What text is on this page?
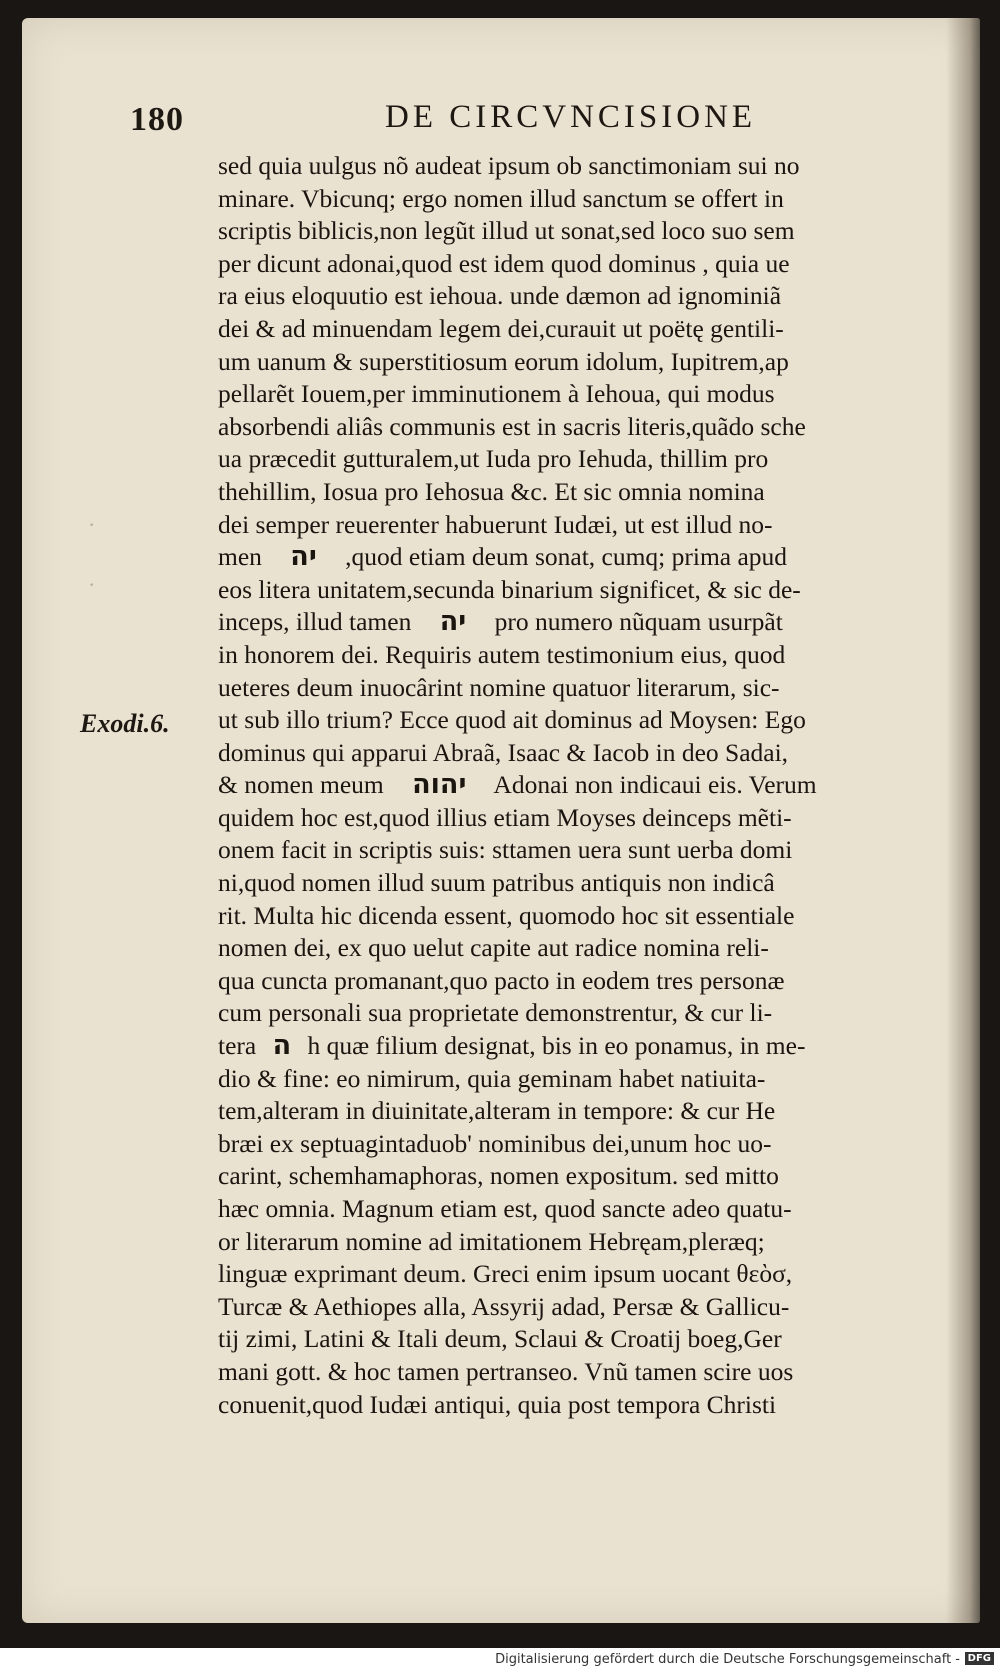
180	DE CIRCVNCISIONE
·
·
Exodi.6.
sed quia uulgus nõ audeat ipsum ob sanctimoniam sui no
minare. Vbicunq; ergo nomen illud sanctum se offert in
scriptis biblicis,non legũt illud ut sonat,sed loco suo sem
per dicunt adonai,quod est idem quod dominus , quia ue
ra eius eloquutio est iehoua. unde dæmon ad ignominiã
dei & ad minuendam legem dei,curauit ut poëtę gentili-
um uanum & superstitiosum eorum idolum, Iupitrem,ap
pellarẽt Iouem,per imminutionem à Iehoua, qui modus
absorbendi aliâs communis est in sacris literis,quãdo sche
ua præcedit gutturalem,ut Iuda pro Iehuda, thillim pro
thehillim, Iosua pro Iehosua &c. Et sic omnia nomina
dei semper reuerenter habuerunt Iudæi, ut est illud no-
men יה ,quod etiam deum sonat, cumq; prima apud
eos litera unitatem,secunda binarium significet, & sic de-
inceps, illud tamen יה pro numero nũquam usurpãt
in honorem dei. Requiris autem testimonium eius, quod
ueteres deum inuocârint nomine quatuor literarum, sic-
ut sub illo trium? Ecce quod ait dominus ad Moysen: Ego
dominus qui apparui Abraã, Isaac & Iacob in deo Sadai,
& nomen meum יהוה Adonai non indicaui eis. Verum
quidem hoc est,quod illius etiam Moyses deinceps mẽti-
onem facit in scriptis suis: sttamen uera sunt uerba domi
ni,quod nomen illud suum patribus antiquis non indicâ
rit. Multa hic dicenda essent, quomodo hoc sit essentiale
nomen dei, ex quo uelut capite aut radice nomina reli-
qua cuncta promanant,quo pacto in eodem tres personæ
cum personali sua proprietate demonstrentur, & cur li-
tera ה h quæ filium designat, bis in eo ponamus, in me-
dio & fine: eo nimirum, quia geminam habet natiuita-
tem,alteram in diuinitate,alteram in tempore: & cur He
bræi ex septuagintaduob' nominibus dei,unum hoc uo-
carint, schemhamaphoras, nomen expositum. sed mitto
hæc omnia. Magnum etiam est, quod sancte adeo quatu-
or literarum nomine ad imitationem Hebręam,pleræq;
linguæ exprimant deum. Greci enim ipsum uocant θεὸσ,
Turcæ & Aethiopes alla, Assyrij adad, Persæ & Gallicu-
tij zimi, Latini & Itali deum, Sclaui & Croatij boeg,Ger
mani gott. & hoc tamen pertranseo. Vnũ tamen scire uos
conuenit,quod Iudæi antiqui, quia post tempora Christi
Digitalisierung gefördert durch die Deutsche Forschungsgemeinschaft - DFG
